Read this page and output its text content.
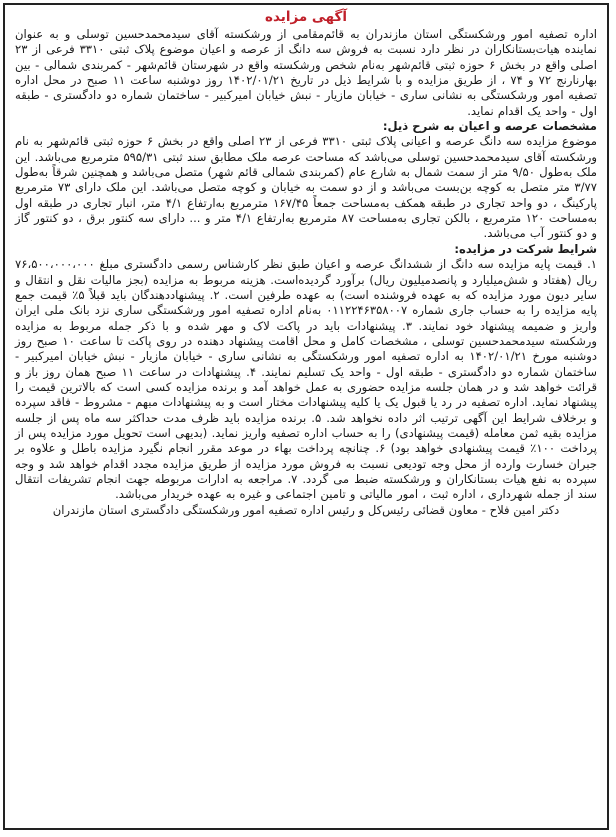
آگهی مزایده

اداره تصفیه امور ورشکستگی استان مازندران به قائم‌مقامی از ورشکسته آقای سیدمحمدحسین توسلی و به عنوان نماینده هیات‌بستانکاران در نظر دارد نسبت به فروش سه دانگ از عرصه و اعیان موضوع پلاک ثبتی ۳۳۱۰ فرعی از ۲۳ اصلی واقع در بخش ۶ حوزه ثبتی قائم‌شهر به‌نام شخص ورشکسته واقع در شهرستان قائم‌شهر - کمربندی شمالی - بین بهارنارنج ۷۲ و ۷۴ ، از طریق مزایده و با شرایط ذیل در تاریخ ۱۴۰۲/۰۱/۲۱ روز دوشنبه ساعت ۱۱ صبح در محل اداره تصفیه امور ورشکستگی به نشانی ساری - خیابان مازیار - نبش خیابان امیرکبیر - ساختمان شماره دو دادگستری - طبقه اول - واحد یک اقدام نماید.

مشخصات عرصه و اعیان به شرح ذیل:

موضوع مزایده سه دانگ عرصه و اعیانی پلاک ثبتی ۳۳۱۰ فرعی از ۲۳ اصلی واقع در بخش ۶ حوزه ثبتی قائم‌شهر به نام ورشکسته آقای سیدمحمدحسین توسلی می‌باشد که مساحت عرصه ملک مطابق سند ثبتی ۵۹۵/۳۱ مترمربع می‌باشد. این ملک به‌طول ۹/۵۰ متر از سمت شمال به شارع عام (کمربندی شمالی قائم شهر) متصل می‌باشد و همچنین شرقاً به‌طول ۳/۷۷ متر متصل به کوچه بن‌بست می‌باشد و از دو سمت به خیابان و کوچه متصل می‌باشد. این ملک دارای ۷۳ مترمربع پارکینگ ، دو واحد تجاری در طبقه همکف به‌مساحت جمعاً ۱۶۷/۴۵ مترمربع به‌ارتفاع ۴/۱ متر، انبار تجاری در طبقه اول به‌مساحت ۱۲۰ مترمربع ، بالکن تجاری به‌مساحت ۸۷ مترمربع به‌ارتفاع ۴/۱ متر و ... دارای سه کنتور برق ، دو کنتور گاز و دو کنتور آب می‌باشد.

شرایط شرکت در مزایده:

۱. قیمت پایه مزایده سه دانگ از ششدانگ عرصه و اعیان طبق نظر کارشناس رسمی دادگستری مبلغ ۷۶،۵۰۰،۰۰۰،۰۰۰ ریال (هفتاد و شش‌میلیارد و پانصدمیلیون ریال) برآورد گردیده‌است. هزینه مربوط به مزایده (بجز مالیات نقل و انتقال و سایر دیون مورد مزایده که به عهده فروشنده است) به عهده طرفین است. ۲. پیشنهاددهندگان باید قبلاً ۵٪ قیمت جمع پایه مزایده را به حساب جاری شماره ۰۱۱۲۲۴۶۳۵۸۰۰۷ به‌نام اداره تصفیه امور ورشکستگی ساری نزد بانک ملی ایران واریز و ضمیمه پیشنهاد خود نمایند. ۳. پیشنهادات باید در پاکت لاک و مهر شده و با ذکر جمله مربوط به مزایده ورشکسته سیدمحمدحسین توسلی ، مشخصات کامل و محل اقامت پیشنهاد دهنده در روی پاکت تا ساعت ۱۰ صبح روز دوشنبه مورخ ۱۴۰۲/۰۱/۲۱ به اداره تصفیه امور ورشکستگی به نشانی ساری - خیابان مازیار - نبش خیابان امیرکبیر - ساختمان شماره دو دادگستری - طبقه اول - واحد یک تسلیم نمایند. ۴. پیشنهادات در ساعت ۱۱ صبح همان روز باز و قرائت خواهد شد و در همان جلسه مزایده حضوری به عمل خواهد آمد و برنده مزایده کسی است که بالاترین قیمت را پیشنهاد نماید. اداره تصفیه در رد یا قبول یک یا کلیه پیشنهادات مختار است و به پیشنهادات مبهم - مشروط - فاقد سپرده و برخلاف شرایط این آگهی ترتیب اثر داده نخواهد شد. ۵. برنده مزایده باید ظرف مدت حداکثر سه ماه پس از جلسه مزایده بقیه ثمن معامله (قیمت پیشنهادی) را به حساب اداره تصفیه واریز نماید. (بدیهی است تحویل مورد مزایده پس از پرداخت ۱۰۰٪ قیمت پیشنهادی خواهد بود) ۶. چنانچه پرداخت بهاء در موعد مقرر انجام نگیرد مزایده باطل و علاوه بر جبران خسارت وارده از محل وجه تودیعی نسبت به فروش مورد مزایده از طریق مزایده مجدد اقدام خواهد شد و وجه سپرده به نفع هیات بستانکاران و ورشکسته ضبط می گردد. ۷. مراجعه به ادارات مربوطه جهت انجام تشریفات انتقال سند از جمله شهرداری ، اداره ثبت ، امور مالیاتی و تامین اجتماعی و غیره به عهده خریدار می‌باشد.

دکتر امین فلاح - معاون قضائی رئیس‌کل و رئیس اداره تصفیه امور ورشکستگی دادگستری استان مازندران
